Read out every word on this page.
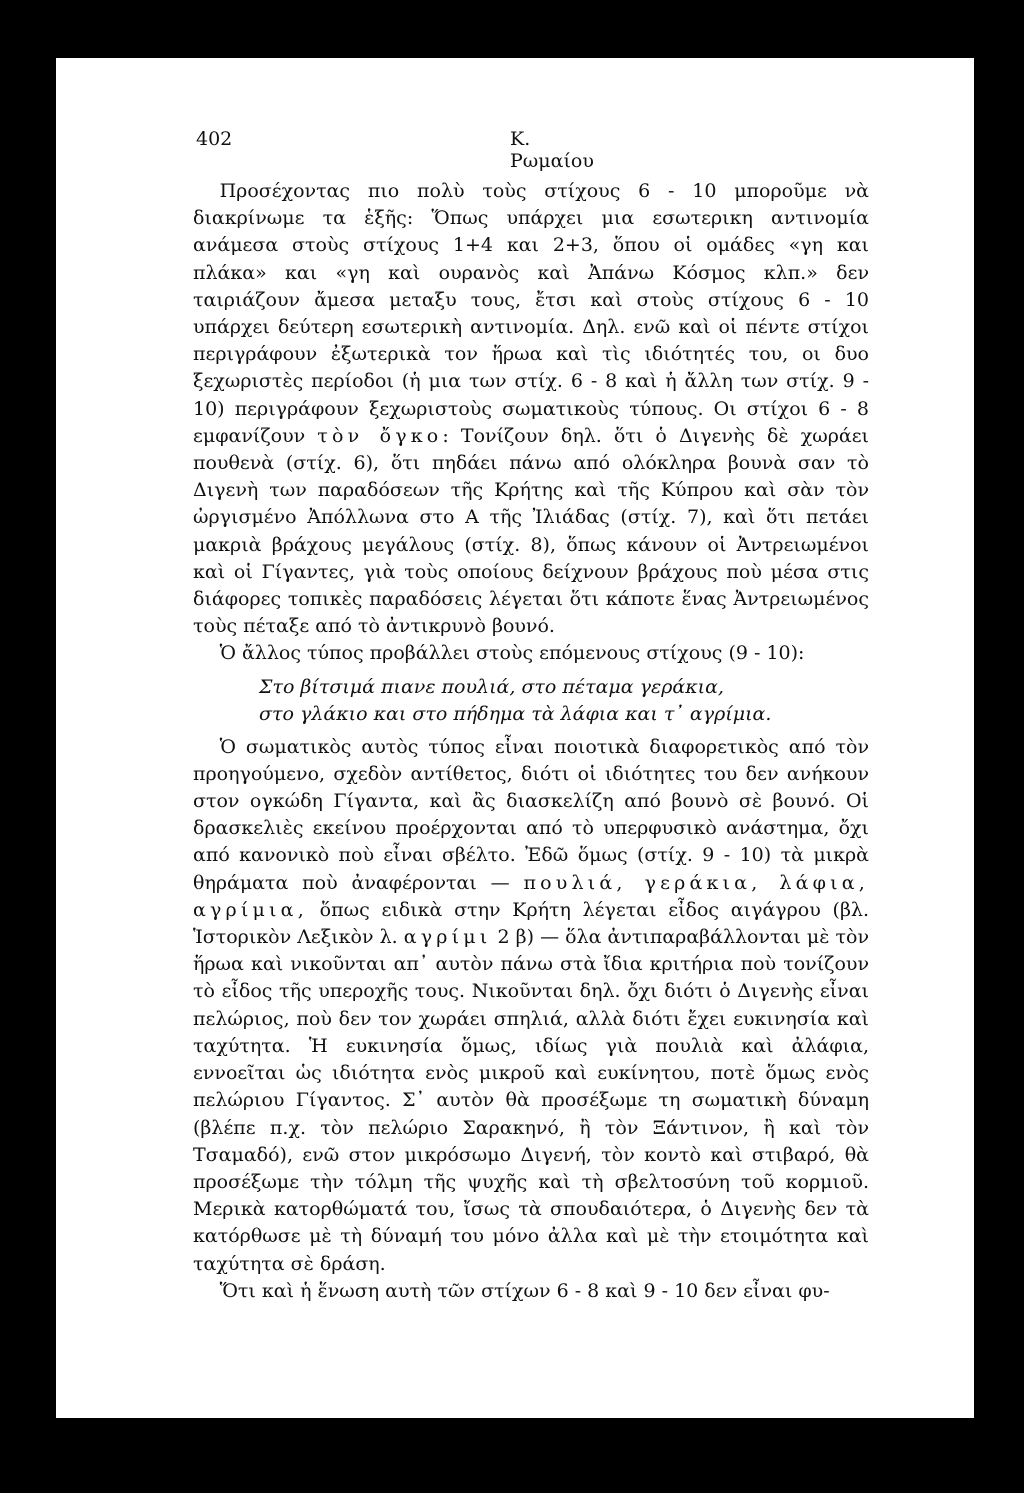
402	K. Ρωμαίου

Προσέχοντας πιο πολὺ τοὺς στίχους 6 - 10 μποροῦμε νὰ διακρίνωμε τα ἑξῆς: Ὅπως υπάρχει μια εσωτερικη αντινομία ανάμεσα στοὺς στίχους 1+4 και 2+3, ὅπου οἱ ομάδες «γη και πλάκα» και «γη καὶ ουρανὸς καὶ Ἀπάνω Κόσμος κλπ.» δεν ταιριάζουν ἄμεσα μεταξυ τους, ἔτσι καὶ στοὺς στίχους 6 - 10 υπάρχει δεύτερη εσωτερικὴ αντινομία. Δηλ. ενῶ καὶ οἱ πέντε στίχοι περιγράφουν ἐξωτερικὰ τον ἥρωα καὶ τὶς ιδιότητές του, οι δυο ξεχωριστὲς περίοδοι (ἡ μια των στίχ. 6 - 8 καὶ ἡ ἄλλη των στίχ. 9 - 10) περιγράφουν ξεχωριστοὺς σωματικοὺς τύπους. Οι στίχοι 6 - 8 εμφανίζουν τὸν ὄγκο: Τονίζουν δηλ. ὅτι ὁ Διγενὴς δὲ χωράει πουθενὰ (στίχ. 6), ὅτι πηδάει πάνω από ολόκληρα βουνὰ σαν τὸ Διγενὴ των παραδόσεων τῆς Κρήτης καὶ τῆς Κύπρου καὶ σὰν τὸν ὠργισμένο Ἀπόλλωνα στο Α τῆς Ἰλιάδας (στίχ. 7), καὶ ὅτι πετάει μακριὰ βράχους μεγάλους (στίχ. 8), ὅπως κάνουν οἱ Ἀντρειωμένοι καὶ οἱ Γίγαντες, γιὰ τοὺς οποίους δείχνουν βράχους ποὺ μέσα στις διάφορες τοπικὲς παραδόσεις λέγεται ὅτι κάποτε ἕνας Ἀντρειωμένος τοὺς πέταξε από τὸ ἀντικρυνὸ βουνό.

Ὁ ἄλλος τύπος προβάλλει στοὺς επόμενους στίχους (9 - 10):

Στο βίτσιμά πιανε πουλιά, στο πέταμα γεράκια,
στο γλάκιο και στο πήδημα τὰ λάφια και τ᾽ αγρίμια.

Ὁ σωματικὸς αυτὸς τύπος εἶναι ποιοτικὰ διαφορετικὸς από τὸν προηγούμενο, σχεδὸν αντίθετος, διότι οἱ ιδιότητες του δεν ανήκουν στον ογκώδη Γίγαντα, καὶ ἂς διασκελίζη από βουνὸ σὲ βουνό. Οἱ δρασκελιὲς εκείνου προέρχονται από τὸ υπερφυσικὸ ανάστημα, ὄχι από κανονικὸ ποὺ εἶναι σβέλτο. Ἐδῶ ὅμως (στίχ. 9 - 10) τὰ μικρὰ θηράματα ποὺ ἀναφέρονται — πουλιά, γεράκια, λάφια, αγρίμια, ὅπως ειδικὰ στην Κρήτη λέγεται εἶδος αιγάγρου (βλ. Ἱστορικὸν Λεξικὸν λ. αγρίμι 2 β) — ὅλα ἀντιπαραβάλλονται μὲ τὸν ἥρωα καὶ νικοῦνται απ᾽ αυτὸν πάνω στὰ ἴδια κριτήρια ποὺ τονίζουν τὸ εἶδος τῆς υπεροχῆς τους. Νικοῦνται δηλ. ὄχι διότι ὁ Διγενὴς εἶναι πελώριος, ποὺ δεν τον χωράει σπηλιά, αλλὰ διότι ἔχει ευκινησία καὶ ταχύτητα. Ἡ ευκινησία ὅμως, ιδίως γιὰ πουλιὰ καὶ ἀλάφια, εννοεῖται ὡς ιδιότητα ενὸς μικροῦ καὶ ευκίνητου, ποτὲ ὅμως ενὸς πελώριου Γίγαντος. Σ᾽ αυτὸν θὰ προσέξωμε τη σωματικὴ δύναμη (βλέπε π.χ. τὸν πελώριο Σαρακηνό, ἢ τὸν Ξάντινον, ἢ καὶ τὸν Τσαμαδό), ενῶ στον μικρόσωμο Διγενή, τὸν κοντὸ καὶ στιβαρό, θὰ προσέξωμε τὴν τόλμη τῆς ψυχῆς καὶ τὴ σβελτοσύνη τοῦ κορμιοῦ. Μερικὰ κατορθώματά του, ἴσως τὰ σπουδαιότερα, ὁ Διγενὴς δεν τὰ κατόρθωσε μὲ τὴ δύναμή του μόνο ἀλλα καὶ μὲ τὴν ετοιμότητα καὶ ταχύτητα σὲ δράση.

Ὅτι καὶ ἡ ἕνωση αυτὴ τῶν στίχων 6 - 8 καὶ 9 - 10 δεν εἶναι φυ-
